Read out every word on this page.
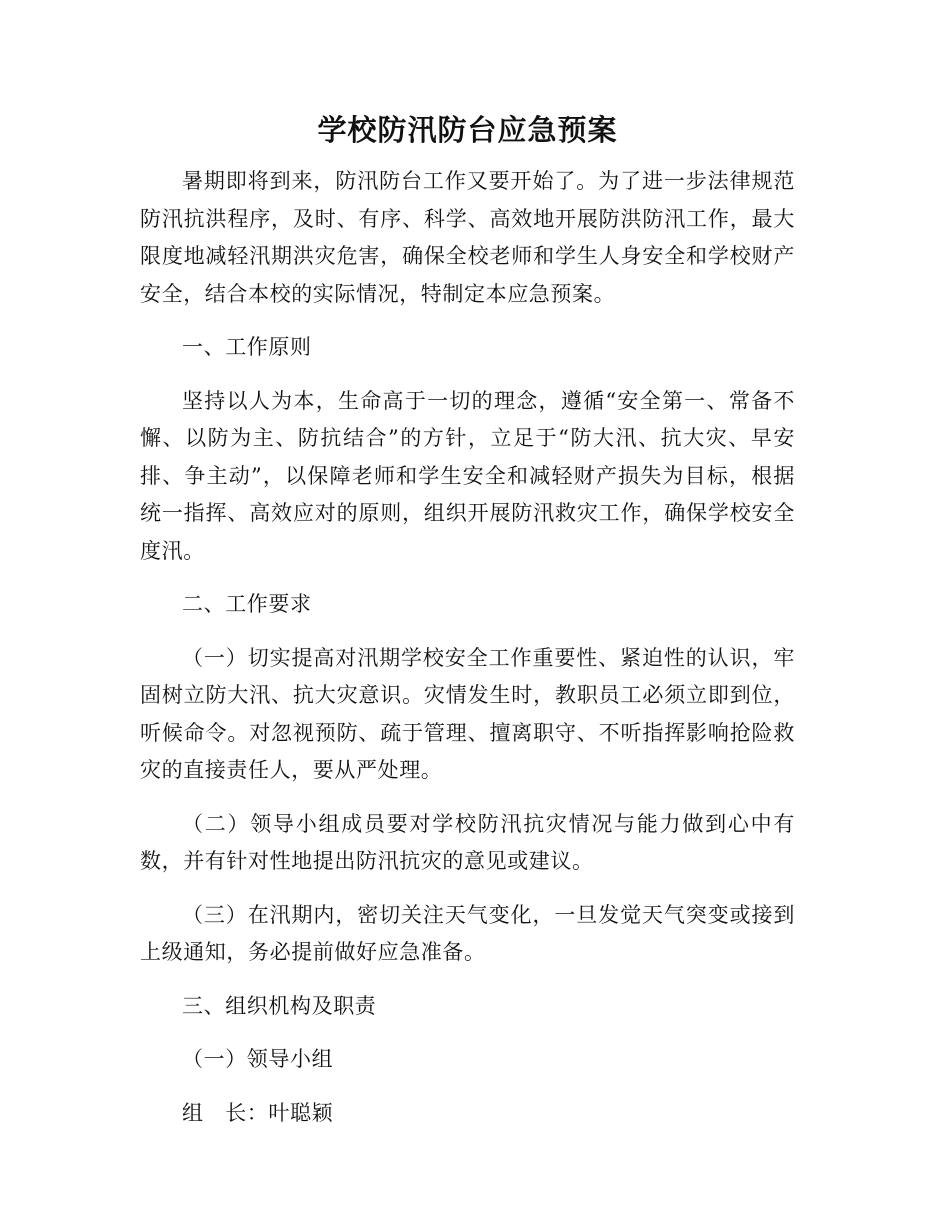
学校防汛防台应急预案

暑期即将到来，防汛防台工作又要开始了。为了进一步法律规范防汛抗洪程序，及时、有序、科学、高效地开展防洪防汛工作，最大限度地减轻汛期洪灾危害，确保全校老师和学生人身安全和学校财产安全，结合本校的实际情况，特制定本应急预案。

一、工作原则

坚持以人为本，生命高于一切的理念，遵循“安全第一、常备不懈、以防为主、防抗结合”的方针，立足于“防大汛、抗大灾、早安排、争主动”，以保障老师和学生安全和减轻财产损失为目标，根据统一指挥、高效应对的原则，组织开展防汛救灾工作，确保学校安全度汛。

二、工作要求

（一）切实提高对汛期学校安全工作重要性、紧迫性的认识，牢固树立防大汛、抗大灾意识。灾情发生时，教职员工必须立即到位，听候命令。对忽视预防、疏于管理、擅离职守、不听指挥影响抢险救灾的直接责任人，要从严处理。

（二）领导小组成员要对学校防汛抗灾情况与能力做到心中有数，并有针对性地提出防汛抗灾的意见或建议。

（三）在汛期内，密切关注天气变化，一旦发觉天气突变或接到上级通知，务必提前做好应急准备。

三、组织机构及职责

（一）领导小组

组　长：叶聪颖
